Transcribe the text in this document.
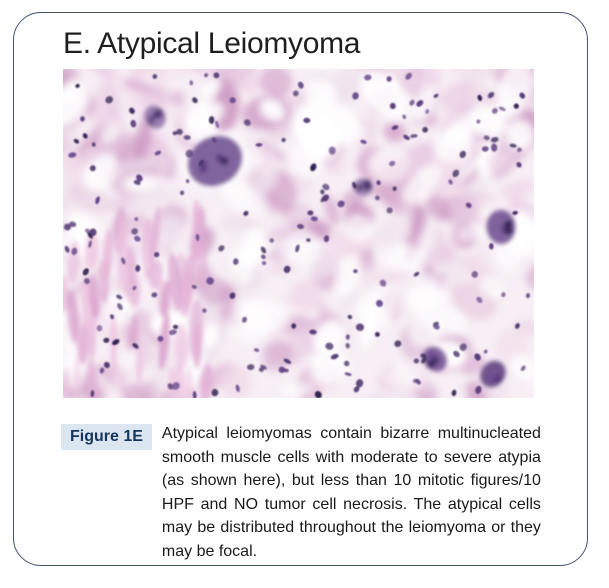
E. Atypical Leiomyoma
Figure 1E	Atypical leiomyomas contain bizarre multinucleated smooth muscle cells with moderate to severe atypia (as shown here), but less than 10 mitotic figures/10 HPF and NO tumor cell necrosis. The atypical cells may be distributed throughout the leiomyoma or they may be focal.
